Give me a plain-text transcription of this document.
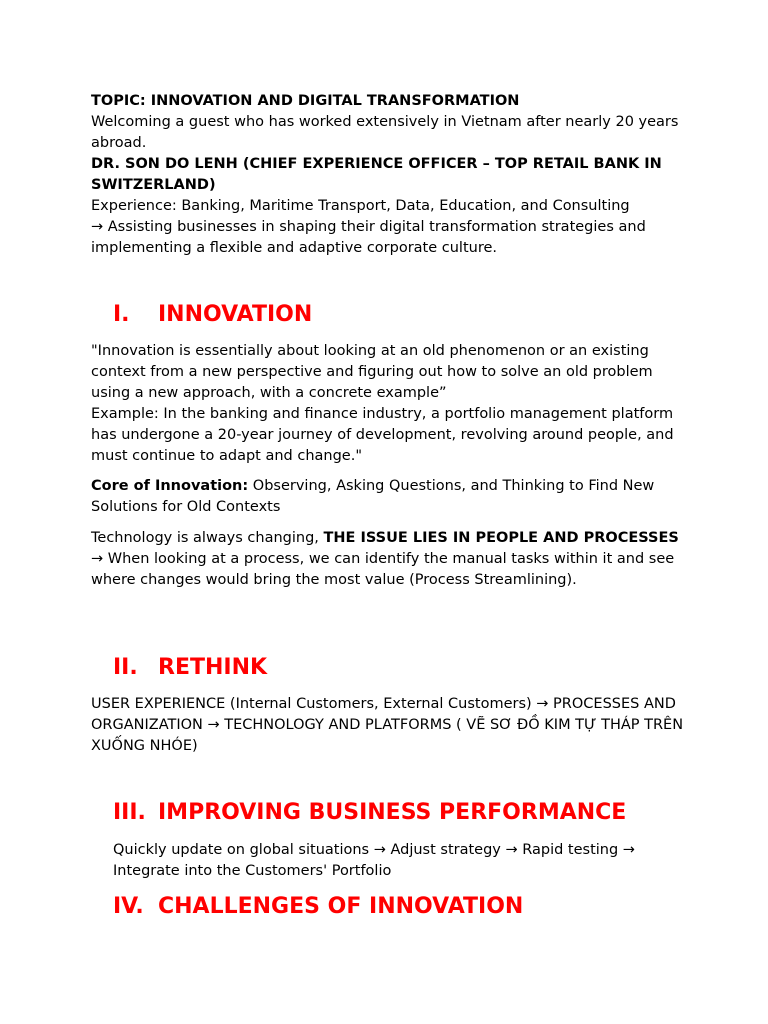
TOPIC: INNOVATION AND DIGITAL TRANSFORMATION

Welcoming a guest who has worked extensively in Vietnam after nearly 20 years abroad.

DR. SON DO LENH (CHIEF EXPERIENCE OFFICER – TOP RETAIL BANK IN SWITZERLAND)

Experience: Banking, Maritime Transport, Data, Education, and Consulting

→ Assisting businesses in shaping their digital transformation strategies and implementing a flexible and adaptive corporate culture.

I.	INNOVATION

"Innovation is essentially about looking at an old phenomenon or an existing context from a new perspective and figuring out how to solve an old problem using a new approach, with a concrete example”

Example: In the banking and finance industry, a portfolio management platform has undergone a 20-year journey of development, revolving around people, and must continue to adapt and change."

Core of Innovation: Observing, Asking Questions, and Thinking to Find New Solutions for Old Contexts

Technology is always changing, THE ISSUE LIES IN PEOPLE AND PROCESSES

→ When looking at a process, we can identify the manual tasks within it and see where changes would bring the most value (Process Streamlining).

II. RETHINK

USER EXPERIENCE (Internal Customers, External Customers) → PROCESSES AND ORGANIZATION → TECHNOLOGY AND PLATFORMS ( VẼ SƠ ĐỒ KIM TỰ THÁP TRÊN XUỐNG NHÓE)

III. IMPROVING BUSINESS PERFORMANCE

Quickly update on global situations → Adjust strategy → Rapid testing → Integrate into the Customers' Portfolio

IV. CHALLENGES OF INNOVATION
